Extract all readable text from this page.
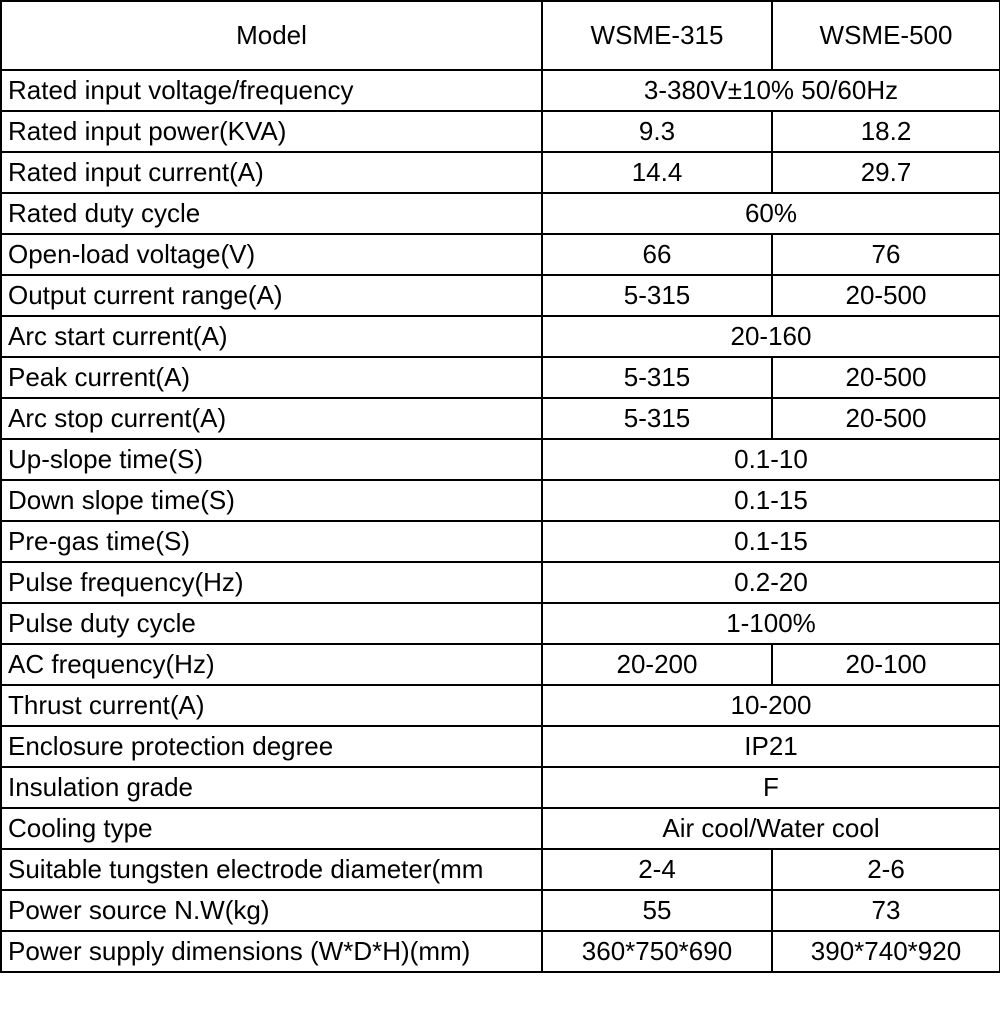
Model	WSME-315	WSME-500
Rated input voltage/frequency	3-380V±10% 50/60Hz	
Rated input power(KVA)	9.3	18.2
Rated input current(A)	14.4	29.7
Rated duty cycle	60%	
Open-load voltage(V)	66	76
Output current range(A)	5-315	20-500
Arc start current(A)	20-160	
Peak current(A)	5-315	20-500
Arc stop current(A)	5-315	20-500
Up-slope time(S)	0.1-10	
Down slope time(S)	0.1-15	
Pre-gas time(S)	0.1-15	
Pulse frequency(Hz)	0.2-20	
Pulse duty cycle	1-100%	
AC frequency(Hz)	20-200	20-100
Thrust current(A)	10-200	
Enclosure protection degree	IP21	
Insulation grade	F	
Cooling type	Air cool/Water cool	
Suitable tungsten electrode diameter(mm	2-4	2-6
Power source N.W(kg)	55	73
Power supply dimensions (W*D*H)(mm)	360*750*690	390*740*920
